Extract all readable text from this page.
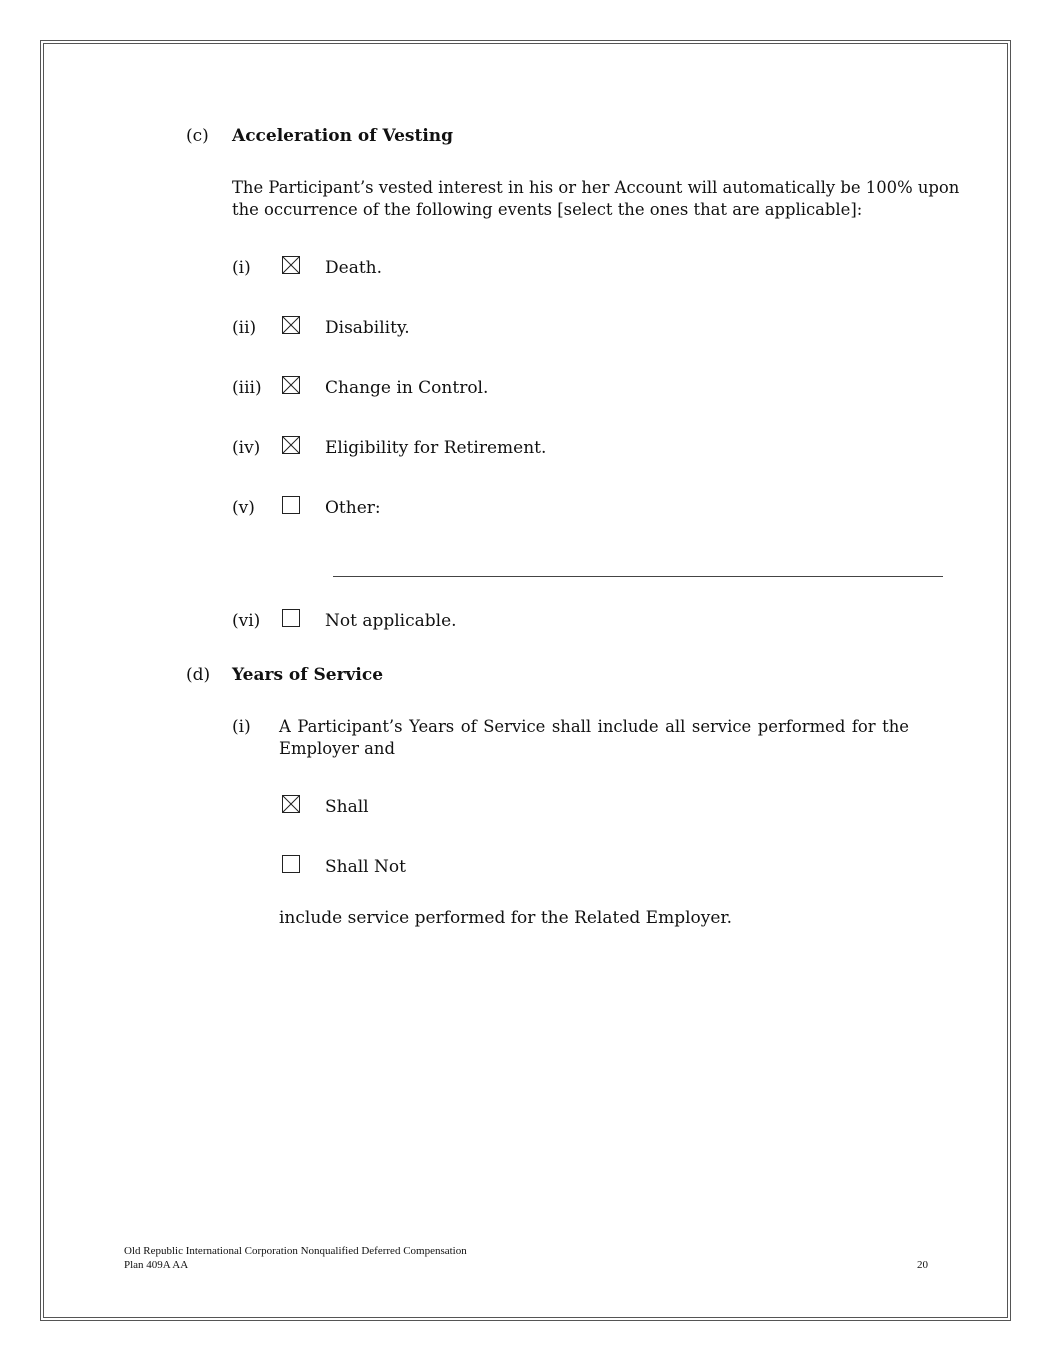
(c) Acceleration of Vesting
The Participant’s vested interest in his or her Account will automatically be 100% upon
the occurrence of the following events [select the ones that are applicable]:
(i)	Death.
(ii)	Disability.
(iii)	Change in Control.
(iv)	Eligibility for Retirement.
(v)	Other:
(vi)	Not applicable.
(d) Years of Service
(i) A Participant’s Years of Service shall include all service performed for the
Employer and
Shall
Shall Not
include service performed for the Related Employer.
Old Republic International Corporation Nonqualified Deferred Compensation
Plan 409A AA	20
